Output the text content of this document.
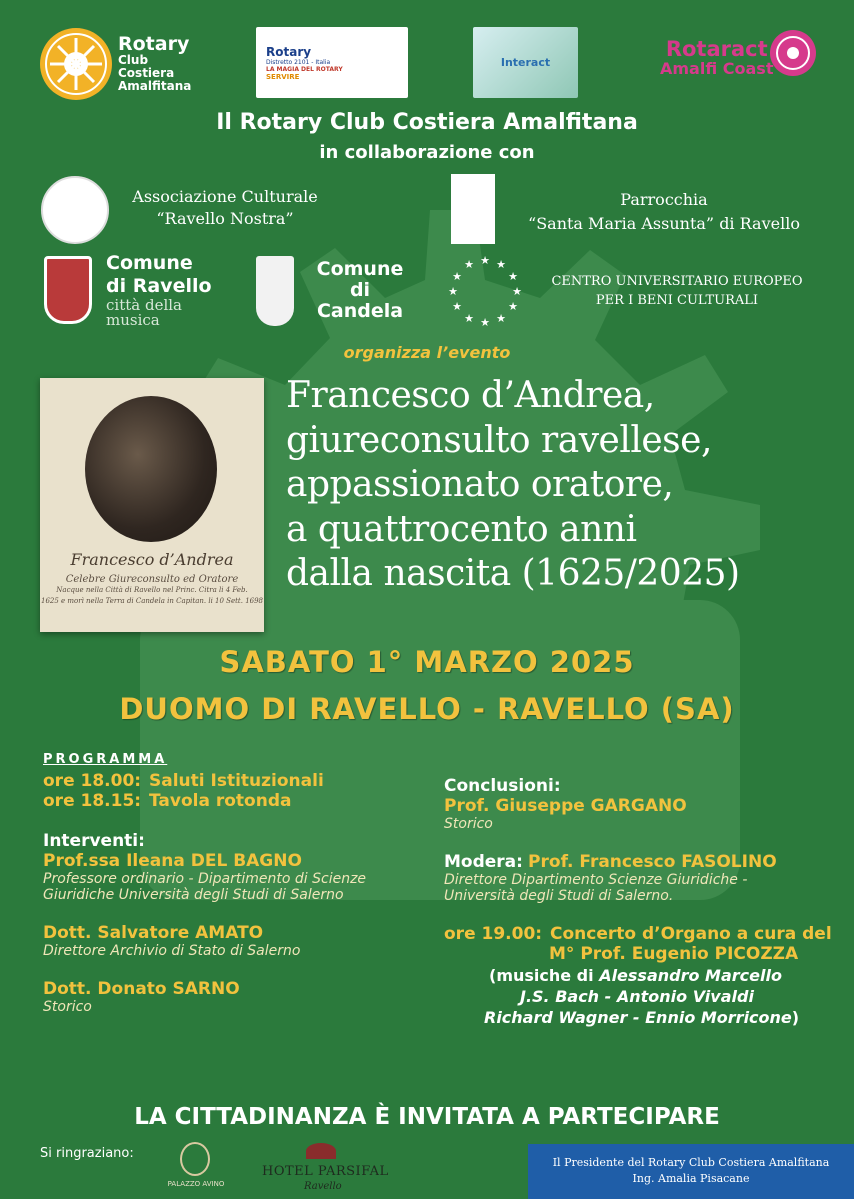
Rotary
Club
Costiera
Amalfitana
Rotary
Distretto 2101 - Italia
LA MAGIA DEL ROTARY
SERVIRE
Interact
Rotaract
Amalfi Coast
Il Rotary Club Costiera Amalfitana
in collaborazione con
Associazione Culturale
“Ravello Nostra”
Parrocchia
“Santa Maria Assunta” di Ravello
Comune
di Ravello
città della
musica
Comune
di
Candela
★ ★
★
★
★
★
★
★
★
★
★
★
CENTRO UNIVERSITARIO EUROPEO
PER I BENI CULTURALI
organizza l’evento
Francesco d’Andrea
Celebre Giureconsulto ed Oratore
Nacque nella Città di Ravello nel Princ. Citra li 4 Feb.
1625 e morì nella Terra di Candela in Capitan. li 10 Sett. 1698
Francesco d’Andrea,
giureconsulto ravellese,
appassionato oratore,
a quattrocento anni
dalla nascita (1625/2025)
SABATO 1° MARZO 2025
DUOMO DI RAVELLO - RAVELLO (SA)
PROGRAMMA
ore 18.00: Saluti Istituzionali
ore 18.15: Tavola rotonda
Interventi:
Prof.ssa Ileana DEL BAGNO
Professore ordinario - Dipartimento di Scienze
Giuridiche Università degli Studi di Salerno
Dott. Salvatore AMATO
Direttore Archivio di Stato di Salerno
Dott. Donato SARNO
Storico
Conclusioni:
Prof. Giuseppe GARGANO
Storico
Modera: Prof. Francesco FASOLINO
Direttore Dipartimento Scienze Giuridiche -
Università degli Studi di Salerno.
ore 19.00: Concerto d’Organo a cura del
M° Prof. Eugenio PICOZZA
(musiche di Alessandro Marcello
J.S. Bach - Antonio Vivaldi
Richard Wagner - Ennio Morricone)
LA CITTADINANZA È INVITATA A PARTECIPARE
Si ringraziano:
PALAZZO AVINO
HOTEL PARSIFAL
Ravello
Il Presidente del Rotary Club Costiera Amalfitana
Ing. Amalia Pisacane
